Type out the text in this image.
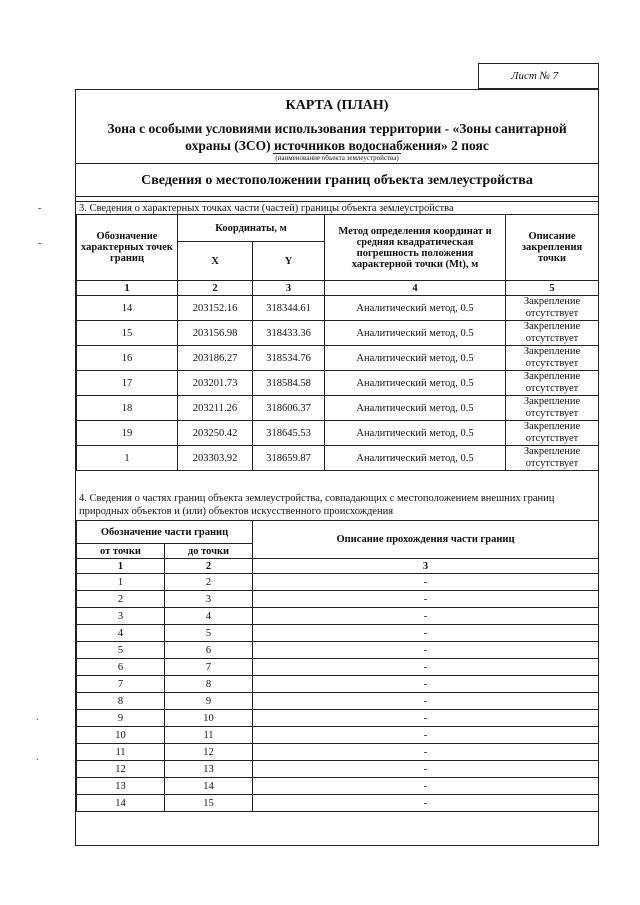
-
-
.
.
Лист № 7
КАРТА (ПЛАН)
Зона с особыми условиями использования территории - «Зоны санитарной охраны (ЗСО) источников водоснабжения» 2 пояс
(наименование объекта землеустройства)
Сведения о местоположении границ объекта землеустройства
3. Сведения о характерных точках части (частей) границы объекта землеустройства
Обозначение характерных точек границ	Координаты, м		Метод определения координат и средняя квадратическая погрешность положения характерной точки (Mt), м	Описание закрепления точки
	X	Y		
1	2	3	4	5
14	203152.16	318344.61	Аналитический метод, 0.5	Закрепление отсутствует
15	203156.98	318433.36	Аналитический метод, 0.5	Закрепление отсутствует
16	203186.27	318534.76	Аналитический метод, 0.5	Закрепление отсутствует
17	203201.73	318584.58	Аналитический метод, 0.5	Закрепление отсутствует
18	203211.26	318606.37	Аналитический метод, 0.5	Закрепление отсутствует
19	203250.42	318645.53	Аналитический метод, 0.5	Закрепление отсутствует
1	203303.92	318659.87	Аналитический метод, 0.5	Закрепление отсутствует
4. Сведения о частях границ объекта землеустройства, совпадающих с местоположением внешних границ природных объектов и (или) объектов искусственного происхождения
Обозначение части границ		Описание прохождения части границ
от точки	до точки	
1	2	3
1	2	-
2	3	-
3	4	-
4	5	-
5	6	-
6	7	-
7	8	-
8	9	-
9	10	-
10	11	-
11	12	-
12	13	-
13	14	-
14	15	-
